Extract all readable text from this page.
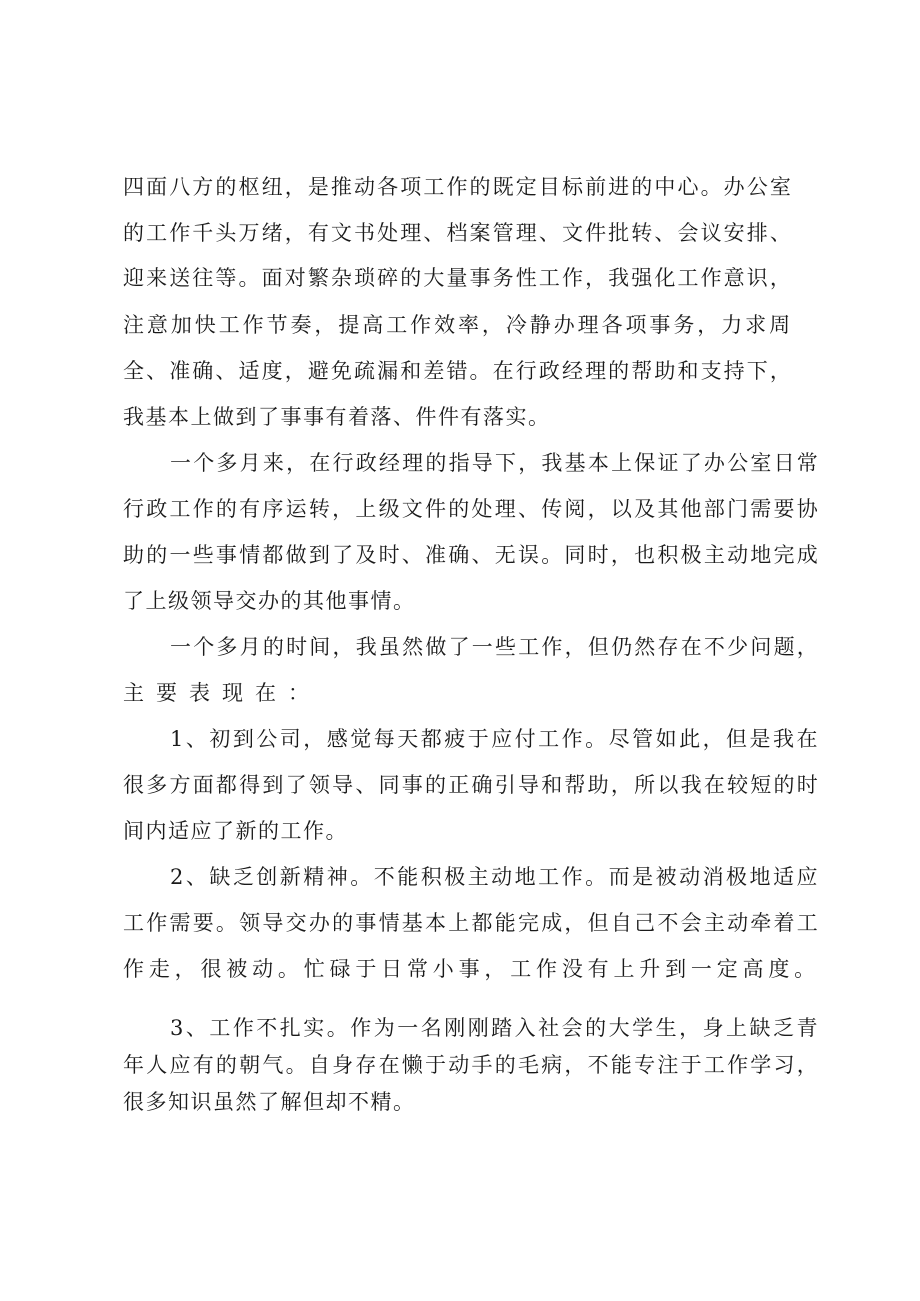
四面八方的枢纽，是推动各项工作的既定目标前进的中心。办公室
的工作千头万绪，有文书处理、档案管理、文件批转、会议安排、
迎来送往等。面对繁杂琐碎的大量事务性工作，我强化工作意识，
注意加快工作节奏，提高工作效率，冷静办理各项事务，力求周
全、准确、适度，避免疏漏和差错。在行政经理的帮助和支持下，
我基本上做到了事事有着落、件件有落实。
一个多月来，在行政经理的指导下，我基本上保证了办公室日常
行政工作的有序运转，上级文件的处理、传阅，以及其他部门需要协
助的一些事情都做到了及时、准确、无误。同时，也积极主动地完成
了上级领导交办的其他事情。
一个多月的时间，我虽然做了一些工作，但仍然存在不少问题，
主要表现在：
1、初到公司，感觉每天都疲于应付工作。尽管如此，但是我在
很多方面都得到了领导、同事的正确引导和帮助，所以我在较短的时
间内适应了新的工作。
2、缺乏创新精神。不能积极主动地工作。而是被动消极地适应
工作需要。领导交办的事情基本上都能完成，但自己不会主动牵着工
作走，很被动。忙碌于日常小事，工作没有上升到一定高度。
3、工作不扎实。作为一名刚刚踏入社会的大学生，身上缺乏青
年人应有的朝气。自身存在懒于动手的毛病，不能专注于工作学习，
很多知识虽然了解但却不精。
